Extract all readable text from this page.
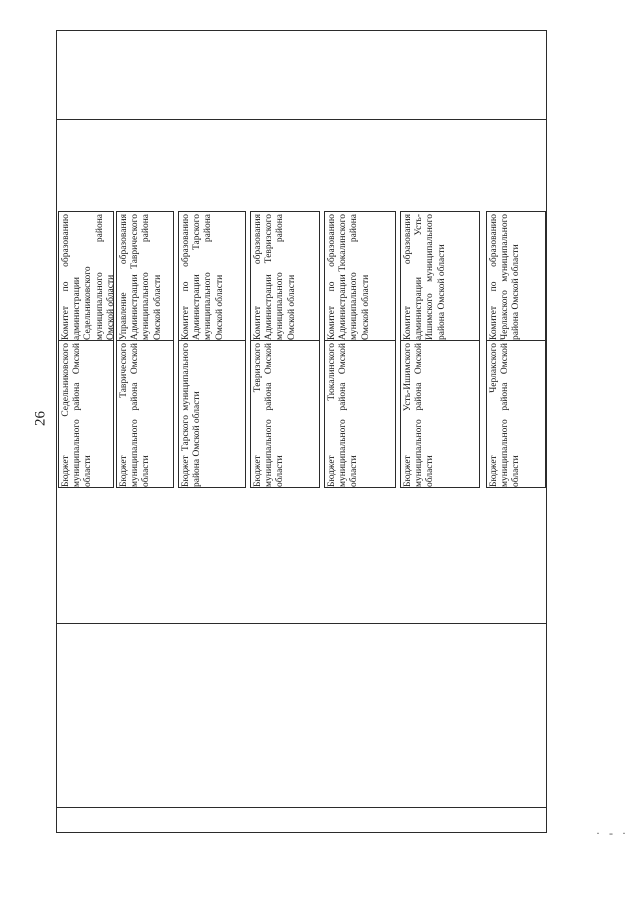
26
Комитет по образованию администрации Седельниковского муниципального района Омской области
Бюджет Седельниковского муниципального района Омской области
Управление образования Администрации Таврического муниципального района Омской области
Бюджет Таврического муниципального района Омской области
Комитет по образованию Администрации Тарского муниципального района Омской области
Бюджет Тарского муниципального района Омской области
Комитет образования Администрации Тевризского муниципального района Омской области
Бюджет Тевризского муниципального района Омской области
Комитет по образованию Администрации Тюкалинского муниципального района Омской области
Бюджет Тюкалинского муниципального района Омской области
Комитет образования администрации Усть-Ишимского муниципального района Омской области
Бюджет Усть-Ишимского муниципального района Омской области
Комитет по образованию Черлакского муниципального района Омской области
Бюджет Черлакского муниципального района Омской области
· - ·
